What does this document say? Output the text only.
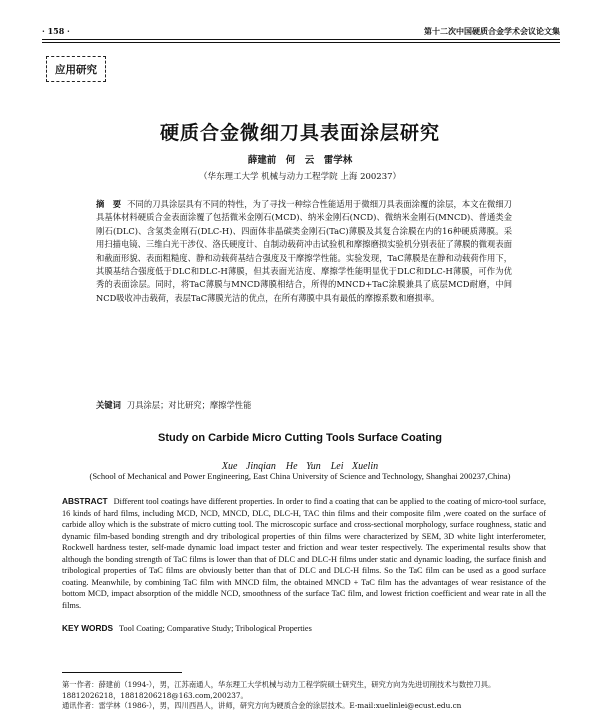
· 158 ·	第十二次中国硬质合金学术会议论文集
应用研究
硬质合金微细刀具表面涂层研究
薛建前　何　云　雷学林
（华东理工大学 机械与动力工程学院 上海 200237）
摘　要 不同的刀具涂层具有不同的特性，为了寻找一种综合性能适用于微细刀具表面涂覆的涂层，本文在微细刀具基体材料硬质合金表面涂覆了包括微米金刚石(MCD)、纳米金刚石(NCD)、微纳米金刚石(MNCD)、普通类金刚石(DLC)、含氢类金刚石(DLC-H)、四面体非晶碳类金刚石(TaC)薄膜及其复合涂膜在内的16种硬质薄膜。采用扫描电镜、三维白光干涉仪、洛氏硬度计、自制动载荷冲击试验机和摩擦磨损实验机分别表征了薄膜的微观表面和截面形貌、表面粗糙度、静和动载荷基结合强度及干摩擦学性能。实验发现，TaC薄膜是在静和动载荷作用下，其膜基结合强度低于DLC和DLC-H薄膜，但其表面光洁度、摩擦学性能明显优于DLC和DLC-H薄膜，可作为优秀的表面涂层。同时，将TaC薄膜与MNCD薄膜相结合，所得的MNCD+TaC涂膜兼具了底层MCD耐磨，中间NCD吸收冲击载荷，表层TaC薄膜光洁的优点，在所有薄膜中具有最低的摩擦系数和磨损率。
关键词 刀具涂层；对比研究；摩擦学性能
Study on Carbide Micro Cutting Tools Surface Coating
Xue Jinqian　He Yun　Lei Xuelin
(School of Mechanical and Power Engineering, East China University of Science and Technology, Shanghai 200237,China)
ABSTRACT Different tool coatings have different properties. In order to find a coating that can be applied to the coating of micro-tool surface, 16 kinds of hard films, including MCD, NCD, MNCD, DLC, DLC-H, TAC thin films and their composite film ,were coated on the surface of carbide alloy which is the substrate of micro cutting tool. The microscopic surface and cross-sectional morphology, surface roughness, static and dynamic film-based bonding strength and dry tribological properties of thin films were characterized by SEM, 3D white light interferometer, Rockwell hardness tester, self-made dynamic load impact tester and friction and wear tester respectively. The experimental results show that although the bonding strength of TaC films is lower than that of DLC and DLC-H films under static and dynamic loading, the surface finish and tribological properties of TaC films are obviously better than that of DLC and DLC-H films. So the TaC film can be used as a good surface coating. Meanwhile, by combining TaC film with MNCD film, the obtained MNCD + TaC film has the advantages of wear resistance of the bottom MCD, impact absorption of the middle NCD, smoothness of the surface TaC film, and lowest friction coefficient and wear rate in all the films.
KEY WORDS Tool Coating; Comparative Study; Tribological Properties
第一作者：薛建前（1994-），男，江苏南通人，华东理工大学机械与动力工程学院硕士研究生，研究方向为先进切削技术与数控刀具。18812026218，18818206218@163.com,200237。
通讯作者：雷学林（1986-），男，四川西昌人，讲师，研究方向为硬质合金的涂层技术。E-mail:xuelinlei@ecust.edu.cn
